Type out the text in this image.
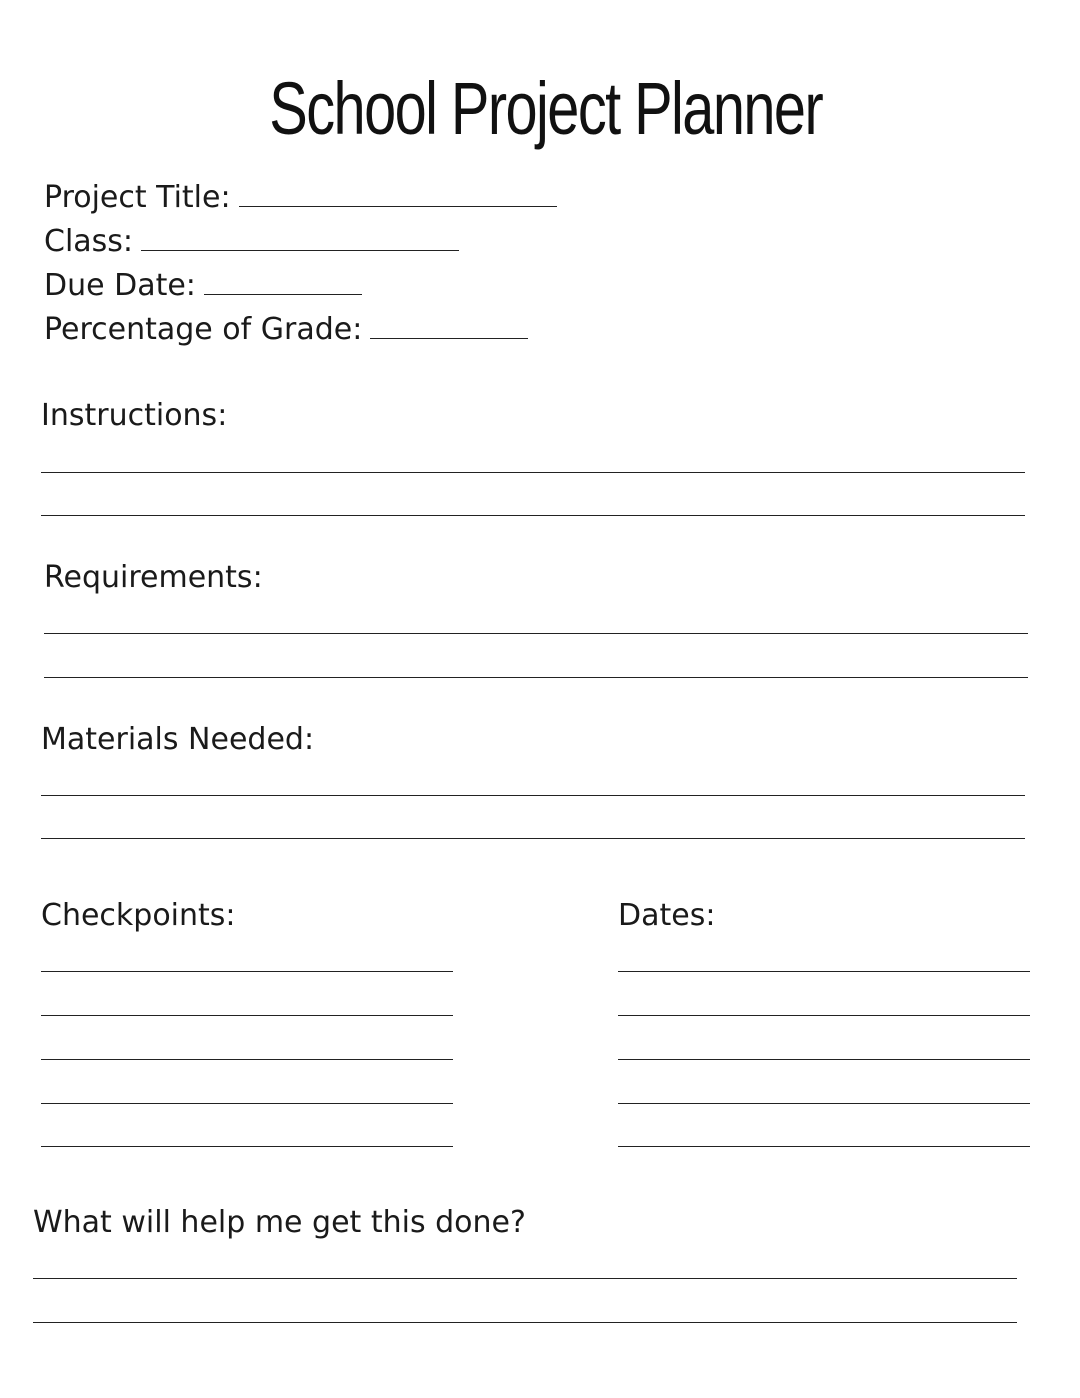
School Project Planner
Project Title:
Class:
Due Date:
Percentage of Grade:
Instructions:
Requirements:
Materials Needed:
Checkpoints:	Dates:
What will help me get this done?
